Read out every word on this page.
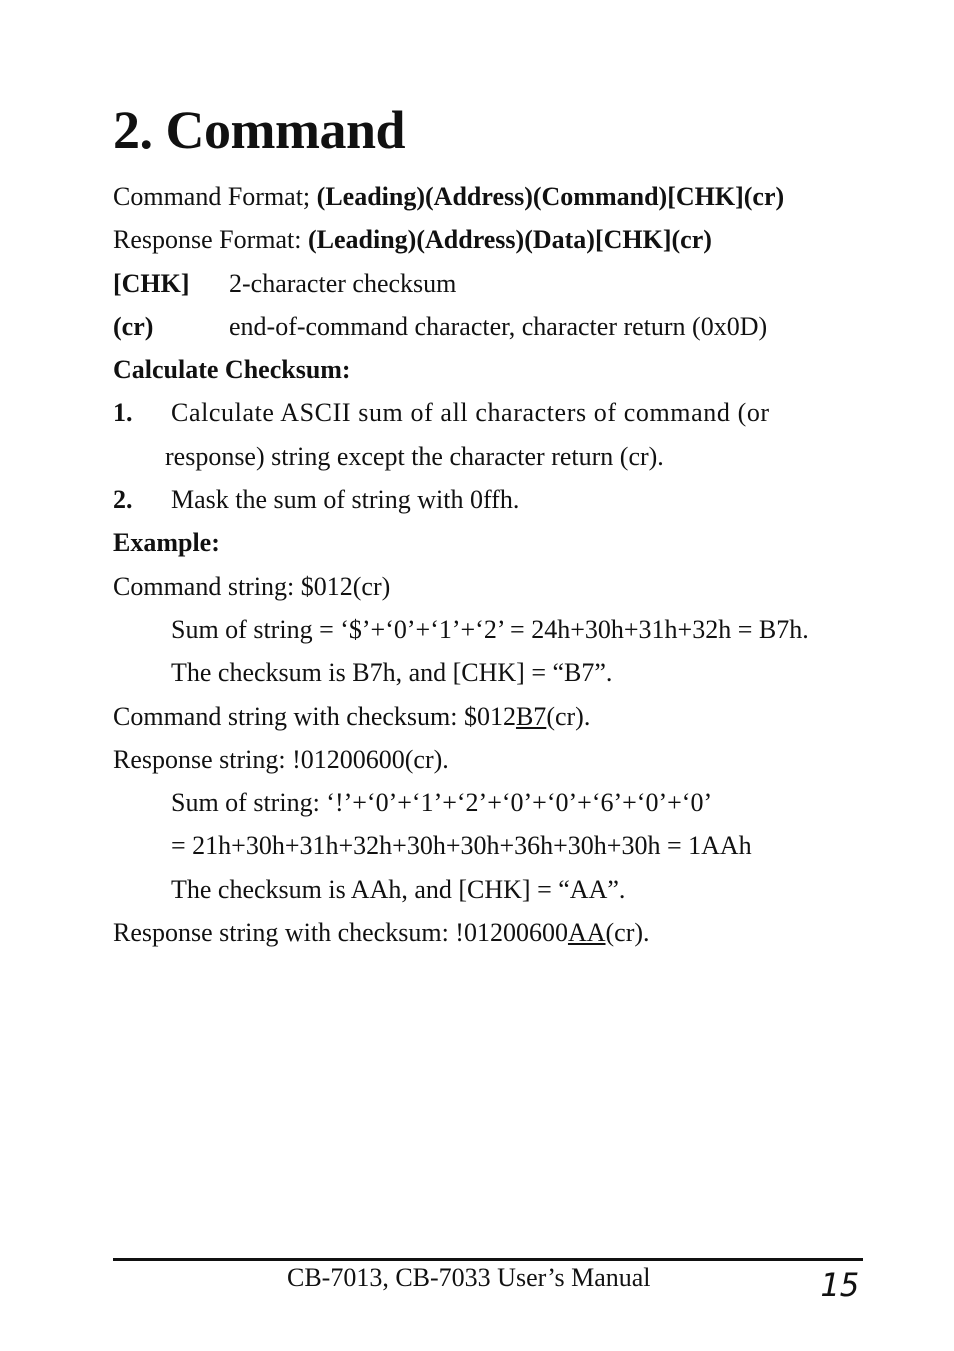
2. Command
Command Format; (Leading)(Address)(Command)[CHK](cr)
Response Format: (Leading)(Address)(Data)[CHK](cr)
[CHK] 2-character checksum
(cr)	end-of-command character, character return (0x0D)
Calculate Checksum:
1. Calculate ASCII sum of all characters of command (or
response) string except the character return (cr).
2. Mask the sum of string with 0ffh.
Example:
Command string: $012(cr)
Sum of string = ‘$’+‘0’+‘1’+‘2’ = 24h+30h+31h+32h = B7h.
The checksum is B7h, and [CHK] = “B7”.
Command string with checksum: $012B7(cr).
Response string: !01200600(cr).
Sum of string: ‘!’+‘0’+‘1’+‘2’+‘0’+‘0’+‘6’+‘0’+‘0’
= 21h+30h+31h+32h+30h+30h+36h+30h+30h = 1AAh
The checksum is AAh, and [CHK] = “AA”.
Response string with checksum: !01200600AA(cr).
CB-7013, CB-7033 User’s Manual	15
